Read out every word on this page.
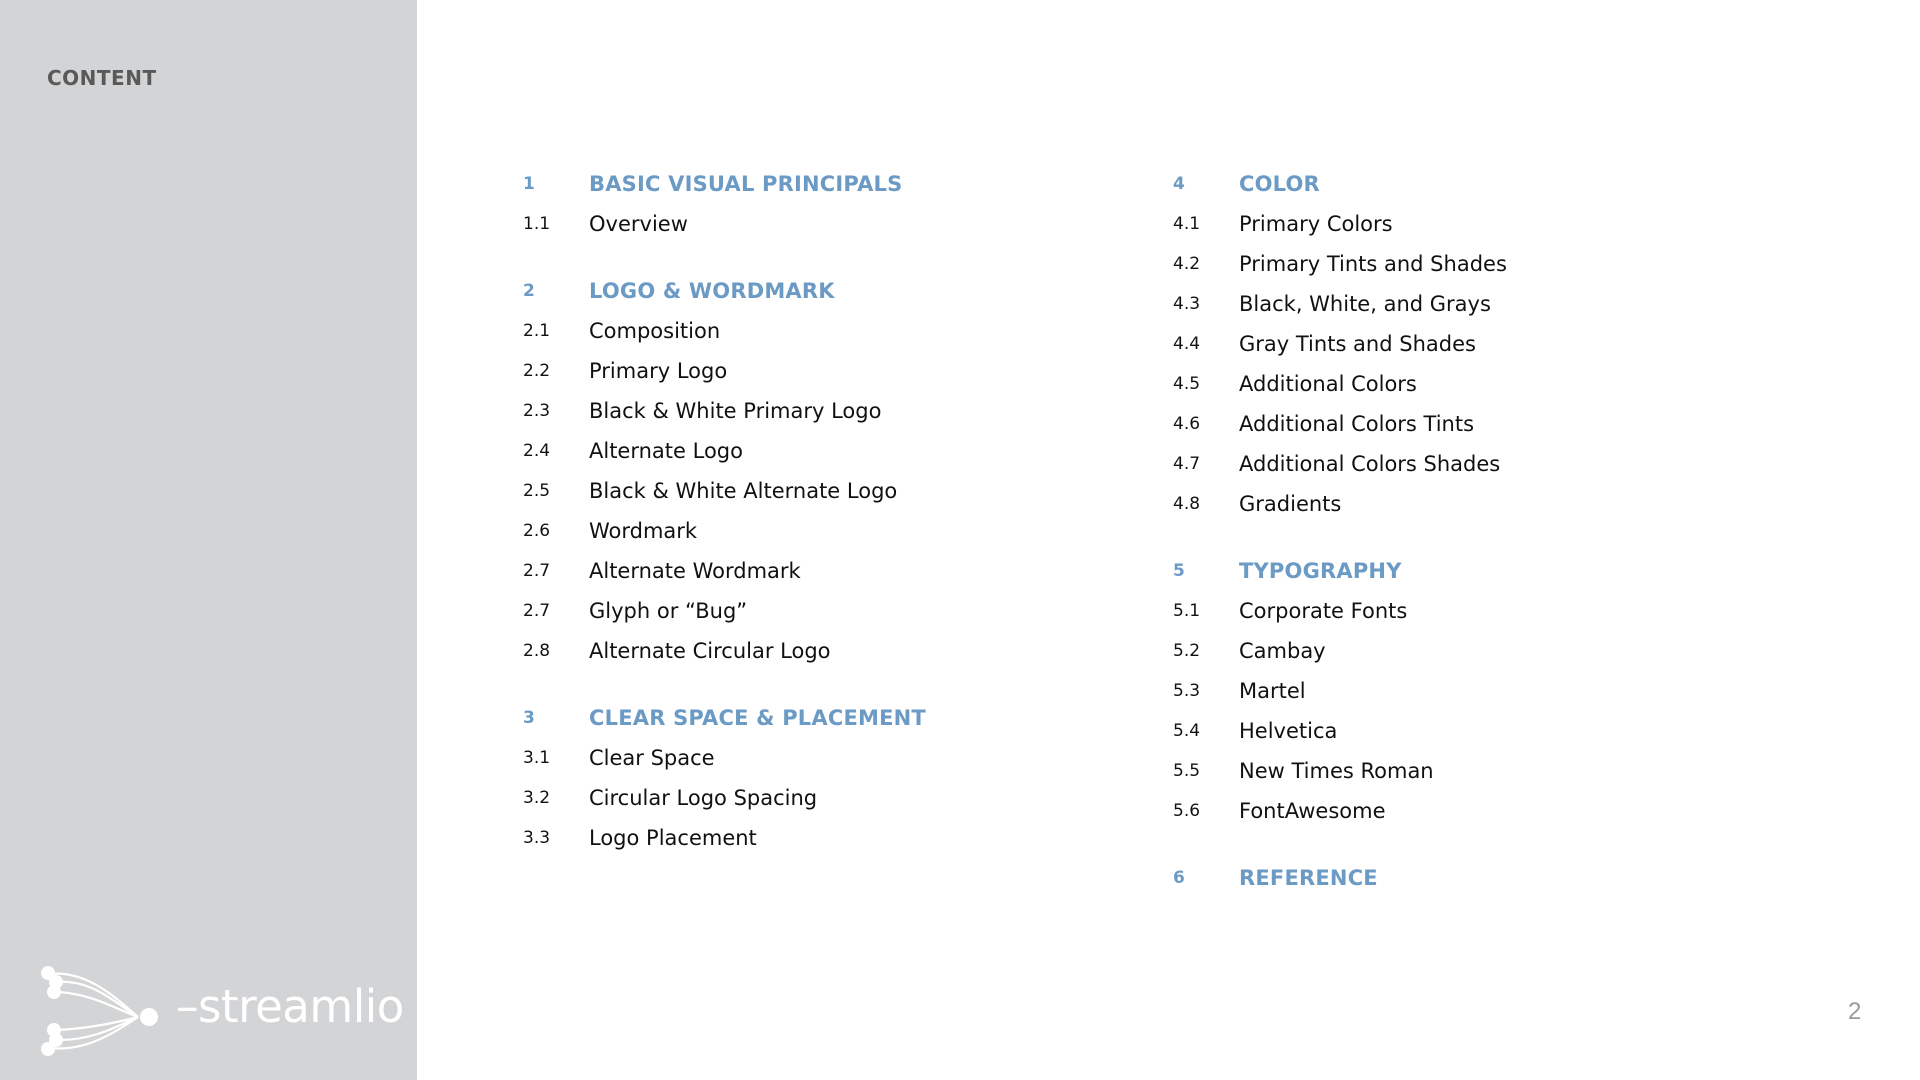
CONTENT
–streamlio
1	BASIC VISUAL PRINCIPALS
1.1	Overview
2	LOGO & WORDMARK
2.1	Composition
2.2	Primary Logo
2.3	Black & White Primary Logo
2.4	Alternate Logo
2.5	Black & White Alternate Logo
2.6	Wordmark
2.7	Alternate Wordmark
2.7	Glyph or “Bug”
2.8	Alternate Circular Logo
3	CLEAR SPACE & PLACEMENT
3.1	Clear Space
3.2	Circular Logo Spacing
3.3	Logo Placement
4	COLOR
4.1	Primary Colors
4.2	Primary Tints and Shades
4.3	Black, White, and Grays
4.4	Gray Tints and Shades
4.5	Additional Colors
4.6	Additional Colors Tints
4.7	Additional Colors Shades
4.8	Gradients
5	TYPOGRAPHY
5.1	Corporate Fonts
5.2	Cambay
5.3	Martel
5.4	Helvetica
5.5	New Times Roman
5.6	FontAwesome
6	REFERENCE
2
